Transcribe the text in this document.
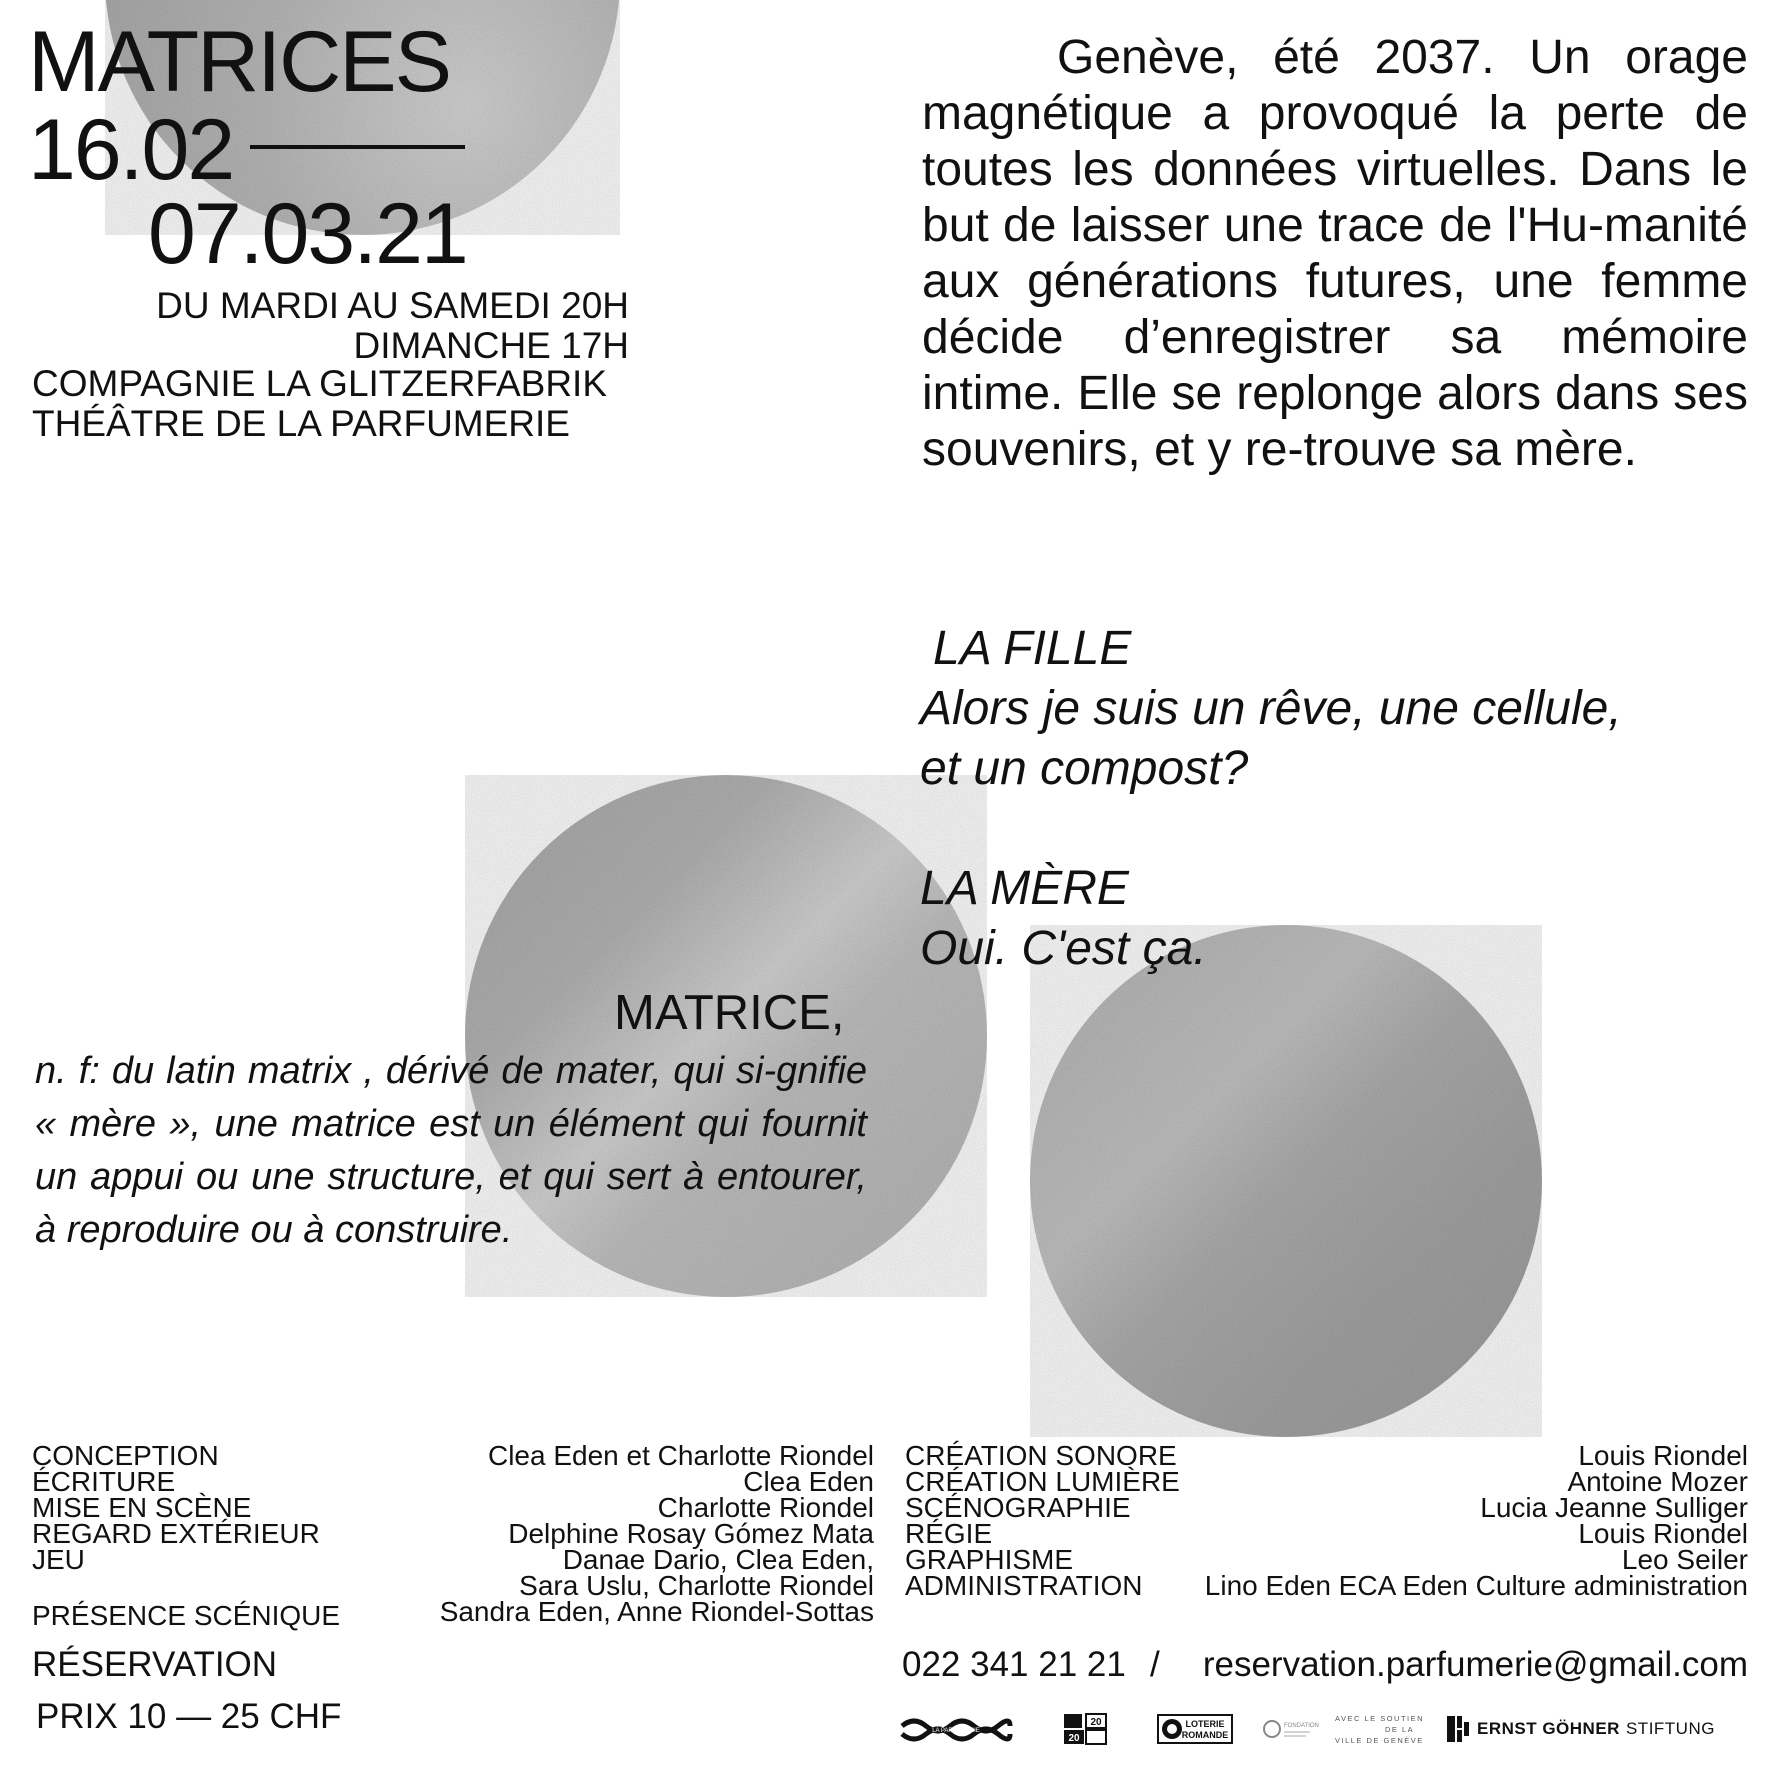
MATRICES
16.02
07.03.21
DU MARDI AU SAMEDI 20H
DIMANCHE 17H
COMPAGNIE LA GLITZERFABRIK
THÉÂTRE DE LA PARFUMERIE

Genève, été 2037. Un orage magnétique a provoqué la perte de toutes les données virtuelles. Dans le but de laisser une trace de l'Hu-manité aux générations futures, une femme décide d’enregistrer sa mémoire intime. Elle se replonge alors dans ses souvenirs, et y re-trouve sa mère.

LA FILLE
Alors je suis un rêve, une cellule,
et un compost?
LA MÈRE
Oui. C'est ça.
MATRICE,
n. f: du latin matrix , dérivé de mater, qui si-gnifie « mère », une matrice est un élément qui fournit un appui ou une structure, et qui sert à entourer, à reproduire ou à construire.
CONCEPTION
ÉCRITURE
MISE EN SCÈNE
REGARD EXTÉRIEUR
JEU
PRÉSENCE SCÉNIQUE
Clea Eden et Charlotte Riondel
Clea Eden
Charlotte Riondel
Delphine Rosay Gómez Mata
Danae Dario, Clea Eden,
Sara Uslu, Charlotte Riondel
Sandra Eden, Anne Riondel-Sottas
CRÉATION SONORE
CRÉATION LUMIÈRE
SCÉNOGRAPHIE
RÉGIE
GRAPHISME
ADMINISTRATION
Louis Riondel
Antoine Mozer
Lucia Jeanne Sulliger
Louis Riondel
Leo Seiler
Lino Eden ECA Eden Culture administration
RÉSERVATION
PRIX 10 — 25 CHF
022 341 21 21 / reservation.parfumerie@gmail.com
LA PARFUMERIE
20
20
LOTERIE
ROMANDE
FONDATION
AVEC LE SOUTIEN
DE LA
VILLE DE GENÈVE
ERNST GÖHNER STIFTUNG
